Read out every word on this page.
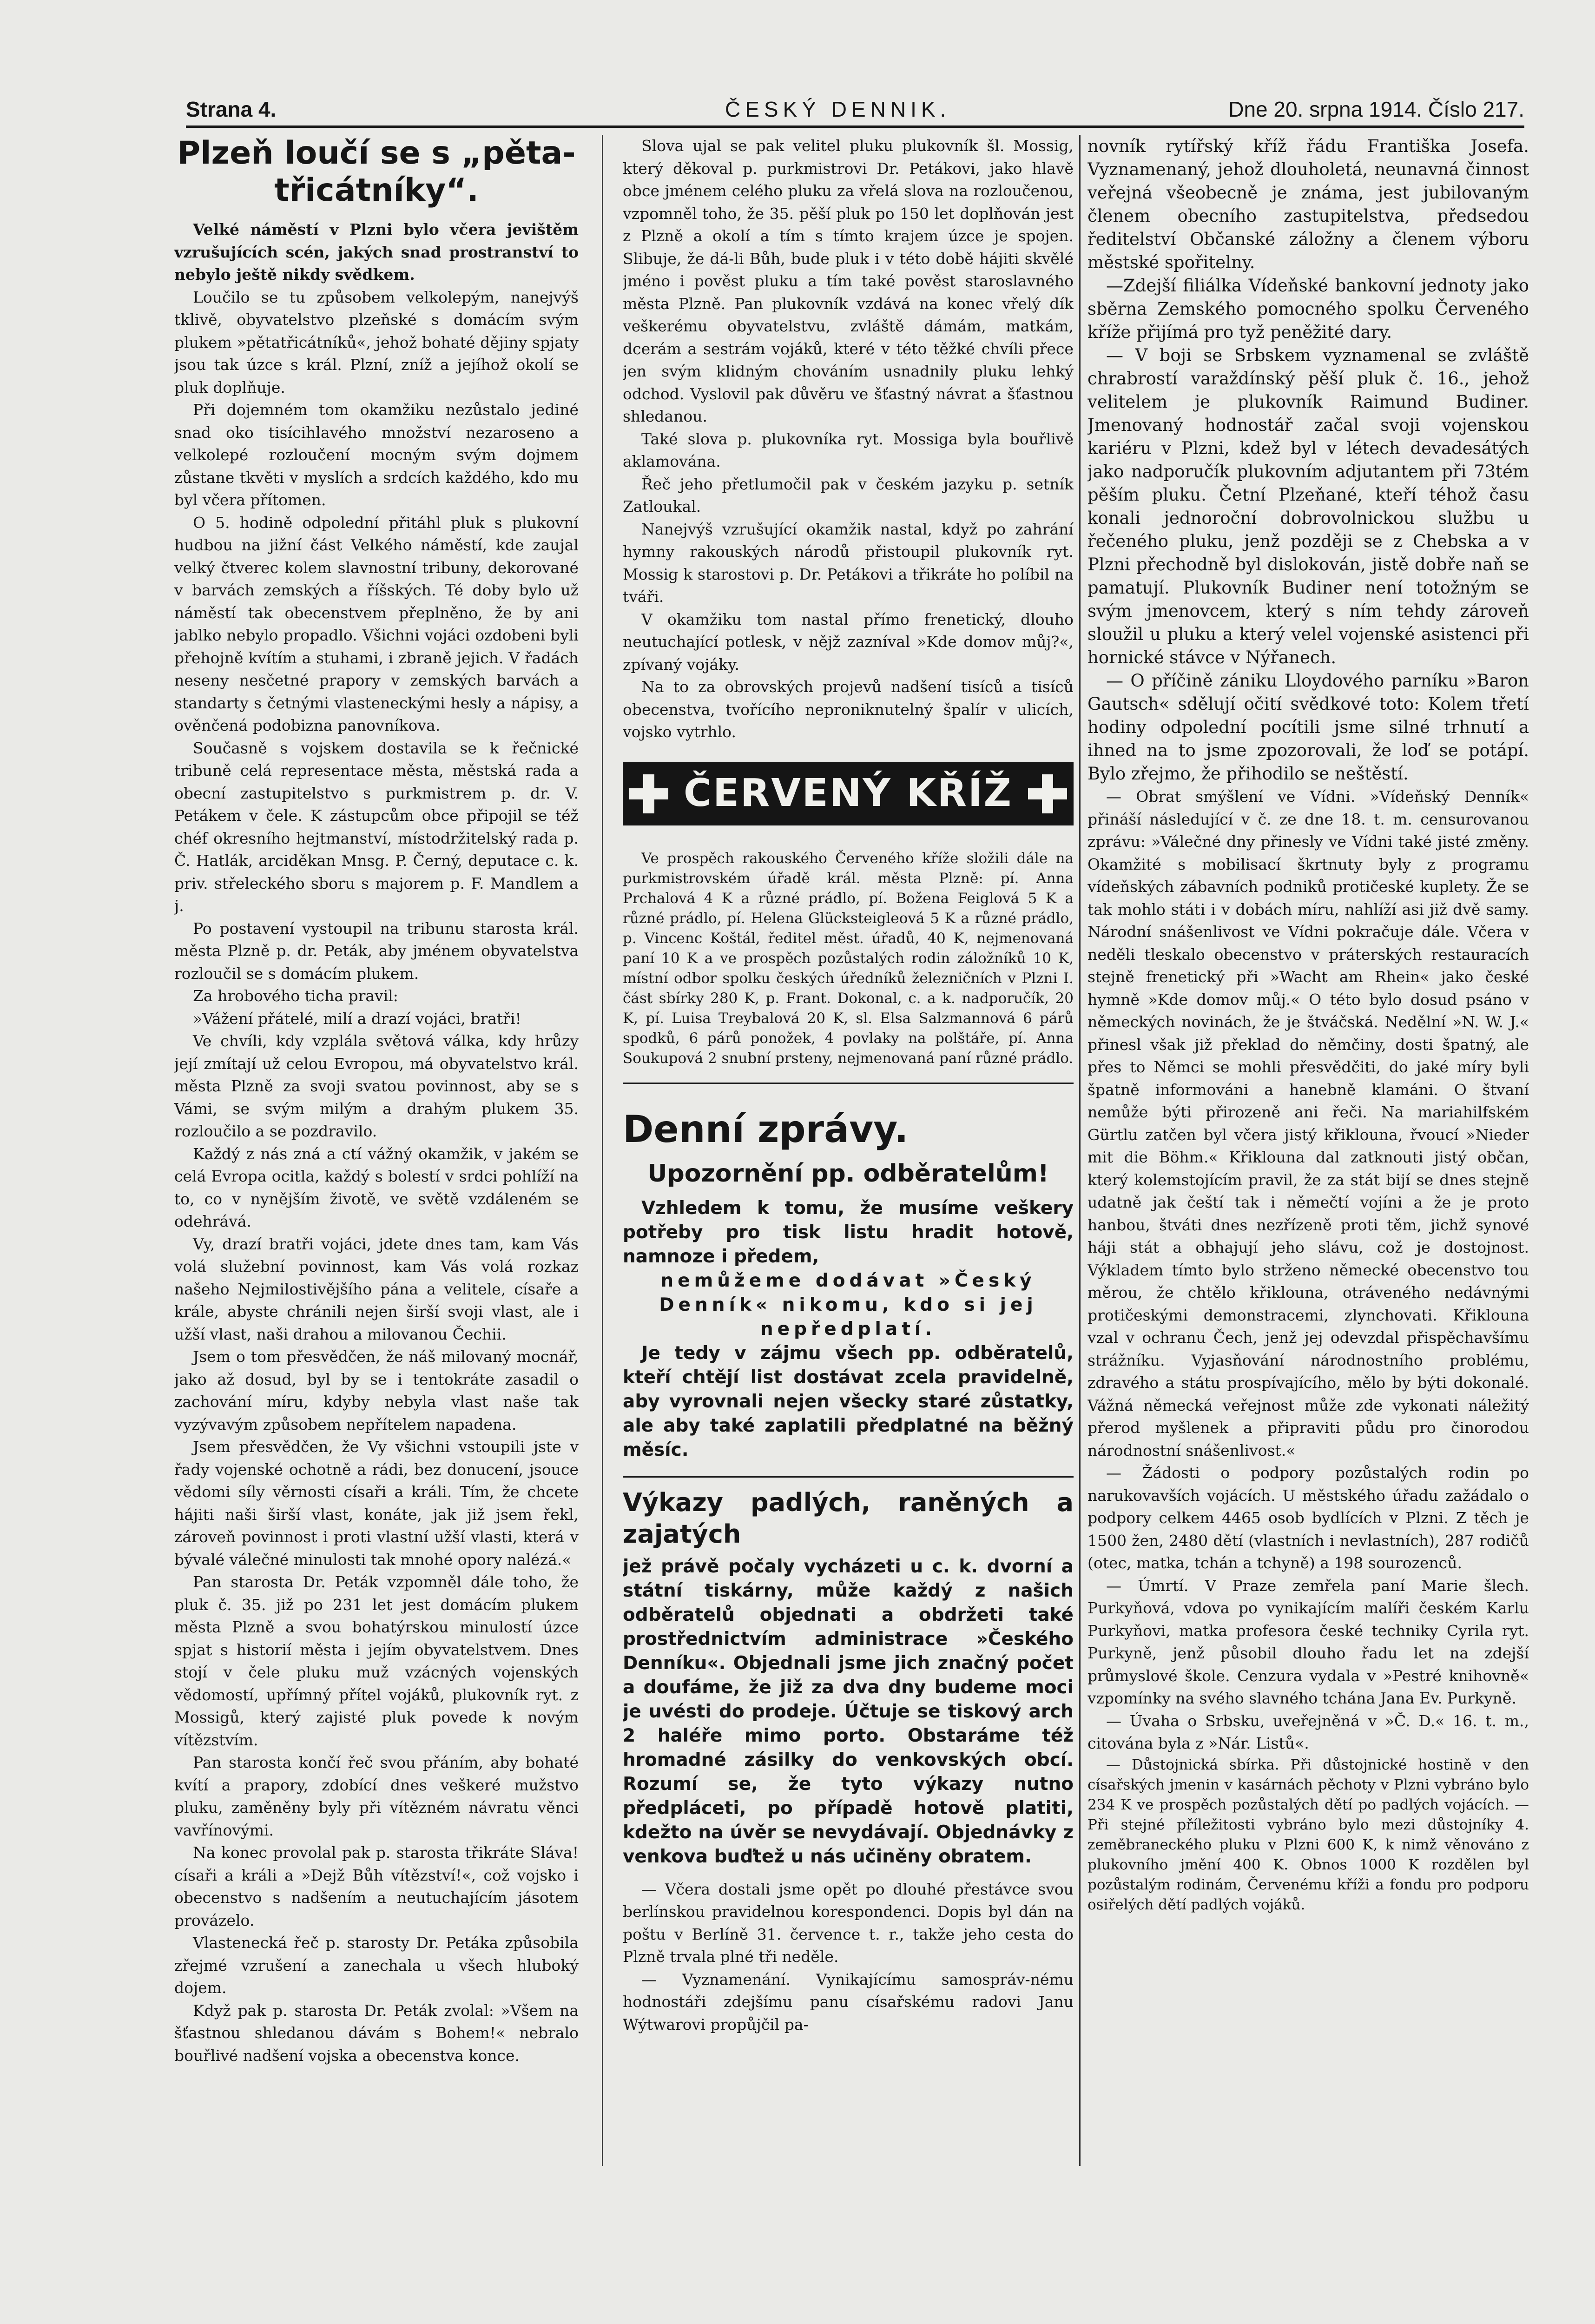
Strana 4.	ČESKÝ DENNIK.	Dne 20. srpna 1914. Číslo 217.
Plzeň loučí se s „pěta-třicátníky“.

Velké náměstí v Plzni bylo včera jevištěm vzrušujících scén, jakých snad prostranství to nebylo ještě nikdy svědkem.

Loučilo se tu způsobem velkolepým, nanejvýš tklivě, obyvatelstvo plzeňské s domácím svým plukem »pětatřicátníků«, jehož bohaté dějiny spjaty jsou tak úzce s král. Plzní, zníž a jejíhož okolí se pluk doplňuje.

Při dojemném tom okamžiku nezůstalo jediné snad oko tisícihlavého množství nezaroseno a velkolepé rozloučení mocným svým dojmem zůstane tkvěti v myslích a srdcích každého, kdo mu byl včera přítomen.

O 5. hodině odpolední přitáhl pluk s plukovní hudbou na jižní část Velkého náměstí, kde zaujal velký čtverec kolem slavnostní tribuny, dekorované v barvách zemských a říšských. Té doby bylo už náměstí tak obecenstvem přeplněno, že by ani jablko nebylo propadlo. Všichni vojáci ozdobeni byli přehojně kvítím a stuhami, i zbraně jejich. V řadách neseny nesčetné prapory v zemských barvách a standarty s četnými vlasteneckými hesly a nápisy, a ověnčená podobizna panovníkova.

Současně s vojskem dostavila se k řečnické tribuně celá representace města, městská rada a obecní zastupitelstvo s purkmistrem p. dr. V. Petákem v čele. K zástupcům obce připojil se též chéf okresního hejtmanství, místodržitelský rada p. Č. Hatlák, arciděkan Mnsg. P. Černý, deputace c. k. priv. střeleckého sboru s majorem p. F. Mandlem a j.

Po postavení vystoupil na tribunu starosta král. města Plzně p. dr. Peták, aby jménem obyvatelstva rozloučil se s domácím plukem.

Za hrobového ticha pravil:

»Vážení přátelé, milí a drazí vojáci, bratři!

Ve chvíli, kdy vzplála světová válka, kdy hrůzy její zmítají už celou Evropou, má obyvatelstvo král. města Plzně za svoji svatou povinnost, aby se s Vámi, se svým milým a drahým plukem 35. rozloučilo a se pozdravilo.

Každý z nás zná a ctí vážný okamžik, v jakém se celá Evropa ocitla, každý s bolestí v srdci pohlíží na to, co v nynějším životě, ve světě vzdáleném se odehrává.

Vy, drazí bratři vojáci, jdete dnes tam, kam Vás volá služební povinnost, kam Vás volá rozkaz našeho Nejmilostivějšího pána a velitele, císaře a krále, abyste chránili nejen širší svoji vlast, ale i užší vlast, naši drahou a milovanou Čechii.

Jsem o tom přesvědčen, že náš milovaný mocnář, jako až dosud, byl by se i tentokráte zasadil o zachování míru, kdyby nebyla vlast naše tak vyzývavým způsobem nepřítelem napadena.

Jsem přesvědčen, že Vy všichni vstoupili jste v řady vojenské ochotně a rádi, bez donucení, jsouce vědomi síly věrnosti císaři a králi. Tím, že chcete hájiti naši širší vlast, konáte, jak již jsem řekl, zároveň povinnost i proti vlastní užší vlasti, která v bývalé válečné minulosti tak mnohé opory nalézá.«

Pan starosta Dr. Peták vzpomněl dále toho, že pluk č. 35. již po 231 let jest domácím plukem města Plzně a svou bohatýrskou minulostí úzce spjat s historií města i jejím obyvatelstvem. Dnes stojí v čele pluku muž vzácných vojenských vědomostí, upřímný přítel vojáků, plukovník ryt. z Mossigů, který zajisté pluk povede k novým vítězstvím.

Pan starosta končí řeč svou přáním, aby bohaté kvítí a prapory, zdobící dnes veškeré mužstvo pluku, zaměněny byly při vítězném návratu věnci vavřínovými.

Na konec provolal pak p. starosta třikráte Sláva! císaři a králi a »Dejž Bůh vítězství!«, což vojsko i obecenstvo s nadšením a neutuchajícím jásotem provázelo.

Vlastenecká řeč p. starosty Dr. Petáka způsobila zřejmé vzrušení a zanechala u všech hluboký dojem.

Když pak p. starosta Dr. Peták zvolal: »Všem na šťastnou shledanou dávám s Bohem!« nebralo bouřlivé nadšení vojska a obecenstva konce.

Slova ujal se pak velitel pluku plukovník šl. Mossig, který děkoval p. purkmistrovi Dr. Petákovi, jako hlavě obce jménem celého pluku za vřelá slova na rozloučenou, vzpomněl toho, že 35. pěší pluk po 150 let doplňován jest z Plzně a okolí a tím s tímto krajem úzce je spojen. Slibuje, že dá-li Bůh, bude pluk i v této době hájiti skvělé jméno i pověst pluku a tím také pověst staroslavného města Plzně. Pan plukovník vzdává na konec vřelý dík veškerému obyvatelstvu, zvláště dámám, matkám, dcerám a sestrám vojáků, které v této těžké chvíli přece jen svým klidným chováním usnadnily pluku lehký odchod. Vyslovil pak důvěru ve šťastný návrat a šťastnou shledanou.

Také slova p. plukovníka ryt. Mossiga byla bouřlivě aklamována.

Řeč jeho přetlumočil pak v českém jazyku p. setník Zatloukal.

Nanejvýš vzrušující okamžik nastal, když po zahrání hymny rakouských národů přistoupil plukovník ryt. Mossig k starostovi p. Dr. Petákovi a třikráte ho políbil na tváři.

V okamžiku tom nastal přímo frenetický, dlouho neutuchající potlesk, v nějž zazníval »Kde domov můj?«, zpívaný vojáky.

Na to za obrovských projevů nadšení tisíců a tisíců obecenstva, tvořícího neproniknutelný špalír v ulicích, vojsko vytrhlo.

ČERVENÝ KŘÍŽ

Ve prospěch rakouského Červeného kříže složili dále na purkmistrovském úřadě král. města Plzně: pí. Anna Prchalová 4 K a různé prádlo, pí. Božena Feiglová 5 K a různé prádlo, pí. Helena Glücksteigleová 5 K a různé prádlo, p. Vincenc Koštál, ředitel měst. úřadů, 40 K, nejmenovaná paní 10 K a ve prospěch pozůstalých rodin záložníků 10 K, místní odbor spolku českých úředníků železničních v Plzni I. část sbírky 280 K, p. Frant. Dokonal, c. a k. nadporučík, 20 K, pí. Luisa Treybalová 20 K, sl. Elsa Salzmannová 6 párů spodků, 6 párů ponožek, 4 povlaky na polštáře, pí. Anna Soukupová 2 snubní prsteny, nejmenovaná paní různé prádlo.

Denní zprávy.
Upozornění pp. odběratelům!

Vzhledem k tomu, že musíme veškery potřeby pro tisk listu hradit hotově, namnoze i předem,

nemůžeme dodávat »Český Denník« nikomu, kdo si jej nepředplatí.

Je tedy v zájmu všech pp. odběratelů, kteří chtějí list dostávat zcela pravidelně, aby vyrovnali nejen všecky staré zůstatky, ale aby také zaplatili předplatné na běžný měsíc.

Výkazy padlých, raněných a zajatých

jež právě počaly vycházeti u c. k. dvorní a státní tiskárny, může každý z našich odběratelů objednati a obdržeti také prostřednictvím administrace »Českého Denníku«. Objednali jsme jich značný počet a doufáme, že již za dva dny budeme moci je uvésti do prodeje. Účtuje se tiskový arch 2 haléře mimo porto. Obstaráme též hromadné zásilky do venkovských obcí. Rozumí se, že tyto výkazy nutno předpláceti, po případě hotově platiti, kdežto na úvěr se nevydávají. Objednávky z venkova buďtež u nás učiněny obratem.

— Včera dostali jsme opět po dlouhé přestávce svou berlínskou pravidelnou korespondenci. Dopis byl dán na poštu v Berlíně 31. července t. r., takže jeho cesta do Plzně trvala plné tři neděle.

— Vyznamenání. Vynikajícímu samospráv-nému hodnostáři zdejšímu panu císařskému radovi Janu Wýtwarovi propůjčil pa-

novník rytířský kříž řádu Františka Josefa. Vyznamenaný, jehož dlouholetá, neunavná činnost veřejná všeobecně je známa, jest jubilovaným členem obecního zastupitelstva, předsedou ředitelství Občanské záložny a členem výboru městské spořitelny.

—Zdejší filiálka Vídeňské bankovní jednoty jako sběrna Zemského pomocného spolku Červeného kříže přijímá pro tyž peněžité dary.

— V boji se Srbskem vyznamenal se zvláště chrabrostí varaždínský pěší pluk č. 16., jehož velitelem je plukovník Raimund Budiner. Jmenovaný hodnostář začal svoji vojenskou kariéru v Plzni, kdež byl v létech devadesátých jako nadporučík plukovním adjutantem při 73tém pěším pluku. Četní Plzeňané, kteří téhož času konali jednoroční dobrovolnickou službu u řečeného pluku, jenž později se z Chebska a v Plzni přechodně byl dislokován, jistě dobře naň se pamatují. Plukovník Budiner není totožným se svým jmenovcem, který s ním tehdy zároveň sloužil u pluku a který velel vojenské asistenci při hornické stávce v Nýřanech.

— O příčině zániku Lloydového parníku »Baron Gautsch« sdělují očití svědkové toto: Kolem třetí hodiny odpolední pocítili jsme silné trhnutí a ihned na to jsme zpozorovali, že loď se potápí. Bylo zřejmo, že přihodilo se neštěstí.

— Obrat smýšlení ve Vídni. »Vídeňský Denník« přináší následující v č. ze dne 18. t. m. censurovanou zprávu: »Válečné dny přinesly ve Vídni také jisté změny. Okamžité s mobilisací škrtnuty byly z programu vídeňských zábavních podniků protičeské kuplety. Že se tak mohlo státi i v dobách míru, nahlíží asi již dvě samy. Národní snášenlivost ve Vídni pokračuje dále. Včera v neděli tleskalo obecenstvo v práterských restauracích stejně frenetický při »Wacht am Rhein« jako české hymně »Kde domov můj.« O této bylo dosud psáno v německých novinách, že je štváčská. Nedělní »N. W. J.« přinesl však již překlad do němčiny, dosti špatný, ale přes to Němci se mohli přesvědčiti, do jaké míry byli špatně informováni a hanebně klamáni. O štvaní nemůže býti přirozeně ani řeči. Na mariahilfském Gürtlu zatčen byl včera jistý křiklouna, řvoucí »Nieder mit die Böhm.« Křiklouna dal zatknouti jistý občan, který kolemstojícím pravil, že za stát bijí se dnes stejně udatně jak čeští tak i němečtí vojíni a že je proto hanbou, štváti dnes nezřízeně proti těm, jichž synové háji stát a obhajují jeho slávu, což je dostojnost. Výkladem tímto bylo strženo německé obecenstvo tou měrou, že chtělo křiklouna, otráveného nedávnými protičeskými demonstracemi, zlynchovati. Křiklouna vzal v ochranu Čech, jenž jej odevzdal přispěchavšímu strážníku. Vyjasňování národnostního problému, zdravého a státu prospívajícího, mělo by býti dokonalé. Vážná německá veřejnost může zde vykonati náležitý přerod myšlenek a připraviti půdu pro činorodou národnostní snášenlivost.«

— Žádosti o podpory pozůstalých rodin po narukovavších vojácích. U městského úřadu zažádalo o podpory celkem 4465 osob bydlících v Plzni. Z těch je 1500 žen, 2480 dětí (vlastních i nevlastních), 287 rodičů (otec, matka, tchán a tchyně) a 198 sourozenců.

— Úmrtí. V Praze zemřela paní Marie šlech. Purkyňová, vdova po vynikajícím malíři českém Karlu Purkyňovi, matka profesora české techniky Cyrila ryt. Purkyně, jenž působil dlouho řadu let na zdejší průmyslové škole. Cenzura vydala v »Pestré knihovně« vzpomínky na svého slavného tchána Jana Ev. Purkyně.

— Úvaha o Srbsku, uveřejněná v »Č. D.« 16. t. m., citována byla z »Nár. Listů«.

— Důstojnická sbírka. Při důstojnické hostině v den císařských jmenin v kasárnách pěchoty v Plzni vybráno bylo 234 K ve prospěch pozůstalých dětí po padlých vojácích. — Při stejné příležitosti vybráno bylo mezi důstojníky 4. zeměbraneckého pluku v Plzni 600 K, k nimž věnováno z plukovního jmění 400 K. Obnos 1000 K rozdělen byl pozůstalým rodinám, Červenému kříži a fondu pro podporu osiřelých dětí padlých vojáků.
